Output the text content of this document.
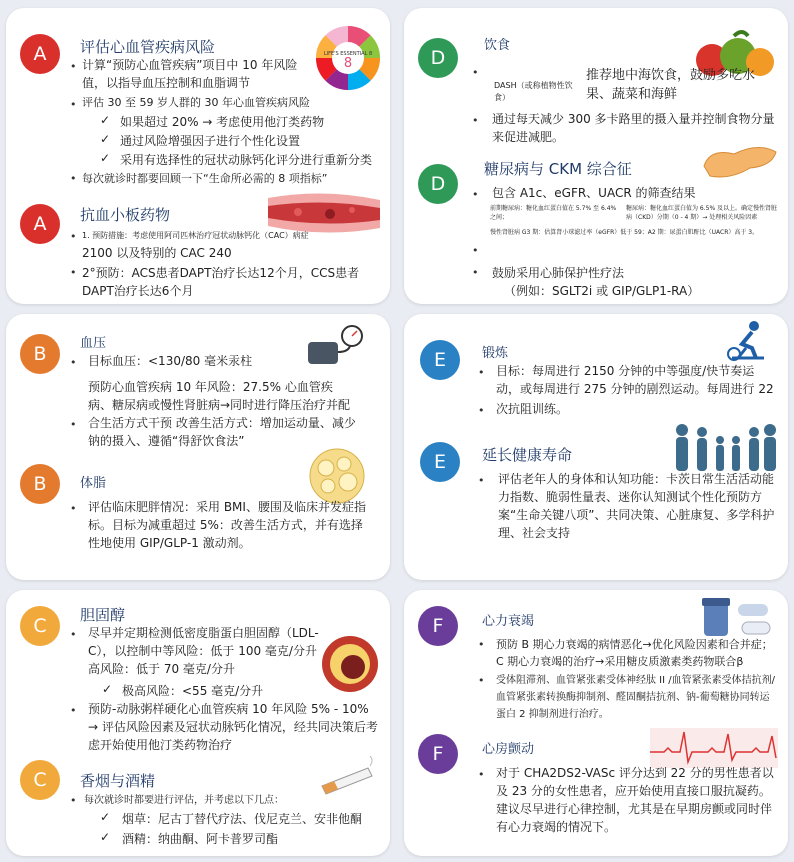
A	评估心血管疾病风险	LIFE'S ESSENTIAL 8
8
• 计算“预防心血管疾病”项目中 10 年风险值，以指导血压控制和血脂调节
• 评估 30 至 59 岁人群的 30 年心血管疾病风险
✓ 如果超过 20% → 考虑使用他汀类药物
✓ 通过风险增强因子进行个性化设置
✓ 采用有选择性的冠状动脉钙化评分进行重新分类
• 每次就诊时都要回顾一下“生命所必需的 8 项指标”
A	抗血小板药物
• 1. 预防措施：考虑使用阿司匹林治疗冠状动脉钙化（CAC）病症
2100 以及特别的 CAC 240
• 2°预防：ACS患者DAPT治疗长达12个月，CCS患者DAPT治疗长达6个月
B	血压
• 目标血压：<130/80 毫米汞柱
•
预防心血管疾病 10 年风险：27.5% 心血管疾病、糖尿病或慢性肾脏病→同时进行降压治疗并配合生活方式干预 改善生活方式：增加运动量、减少钠的摄入、遵循“得舒饮食法”
B	体脂
• 评估临床肥胖情况：采用 BMI、腰围及临床并发症指标。目标为减重超过 5%：改善生活方式，并有选择性地使用 GIP/GLP-1 激动剂。
C	胆固醇
• 尽早并定期检测低密度脂蛋白胆固醇（LDL-C），以控制中等风险：低于 100 毫克/分升 高风险：低于 70 毫克/分升
✓ 极高风险：<55 毫克/分升
• 预防-动脉粥样硬化心血管疾病 10 年风险 5% - 10% → 评估风险因素及冠状动脉钙化情况，经共同决策后考虑开始使用他汀类药物治疗
C	香烟与酒精
• 每次就诊时都要进行评估，并考虑以下几点：
✓ 烟草：尼古丁替代疗法、伐尼克兰、安非他酮
✓ 酒精：纳曲酮、阿卡普罗司酯
D
饮食
•
DASH（或称植物性饮食）
推荐地中海饮食，鼓励多吃水果、蔬菜和海鲜
• 通过每天减少 300 多卡路里的摄入量并控制食物分量来促进减肥。
D
糖尿病与 CKM 综合征
• 包含 A1c、eGFR、UACR 的筛查结果
前期糖尿病：糖化血红蛋白值在 5.7% 至 6.4% 之间；
糖尿病：糖化血红蛋白值为 6.5% 及以上。确定慢性肾脏病（CKD）分期（0 - 4 期）→ 处理相关风险因素
慢性肾脏病 G3 期：估算肾小球滤过率（eGFR）低于 59；A2 期：尿蛋白肌酐比（UACR）高于 3。
•
• 鼓励采用心肺保护性疗法
（例如：SGLT2i 或 GIP/GLP1-RA）
E	锻炼
• 目标：每周进行 2150 分钟的中等强度/快节奏运动，或每周进行 275 分钟的剧烈运动。每周进行 22
• 次抗阻训练。
E	延长健康寿命
• 评估老年人的身体和认知功能：卡茨日常生活活动能力指数、脆弱性量表、迷你认知测试个性化预防方案“生命关键八项”、共同决策、心脏康复、多学科护理、社会支持
F	心力衰竭
• 预防 B 期心力衰竭的病情恶化→优化风险因素和合并症；C 期心力衰竭的治疗→采用糖皮质激素类药物联合β
• 受体阻滞剂、血管紧张素受体神经肽 II /血管紧张素受体拮抗剂/血管紧张素转换酶抑制剂、醛固酮拮抗剂、钠-葡萄糖协同转运蛋白 2 抑制剂进行治疗。
F	心房颤动
• 对于 CHA2DS2-VASc 评分达到 22 分的男性患者以及 23 分的女性患者，应开始使用直接口服抗凝药。建议尽早进行心律控制，尤其是在早期房颤或同时伴有心力衰竭的情况下。
